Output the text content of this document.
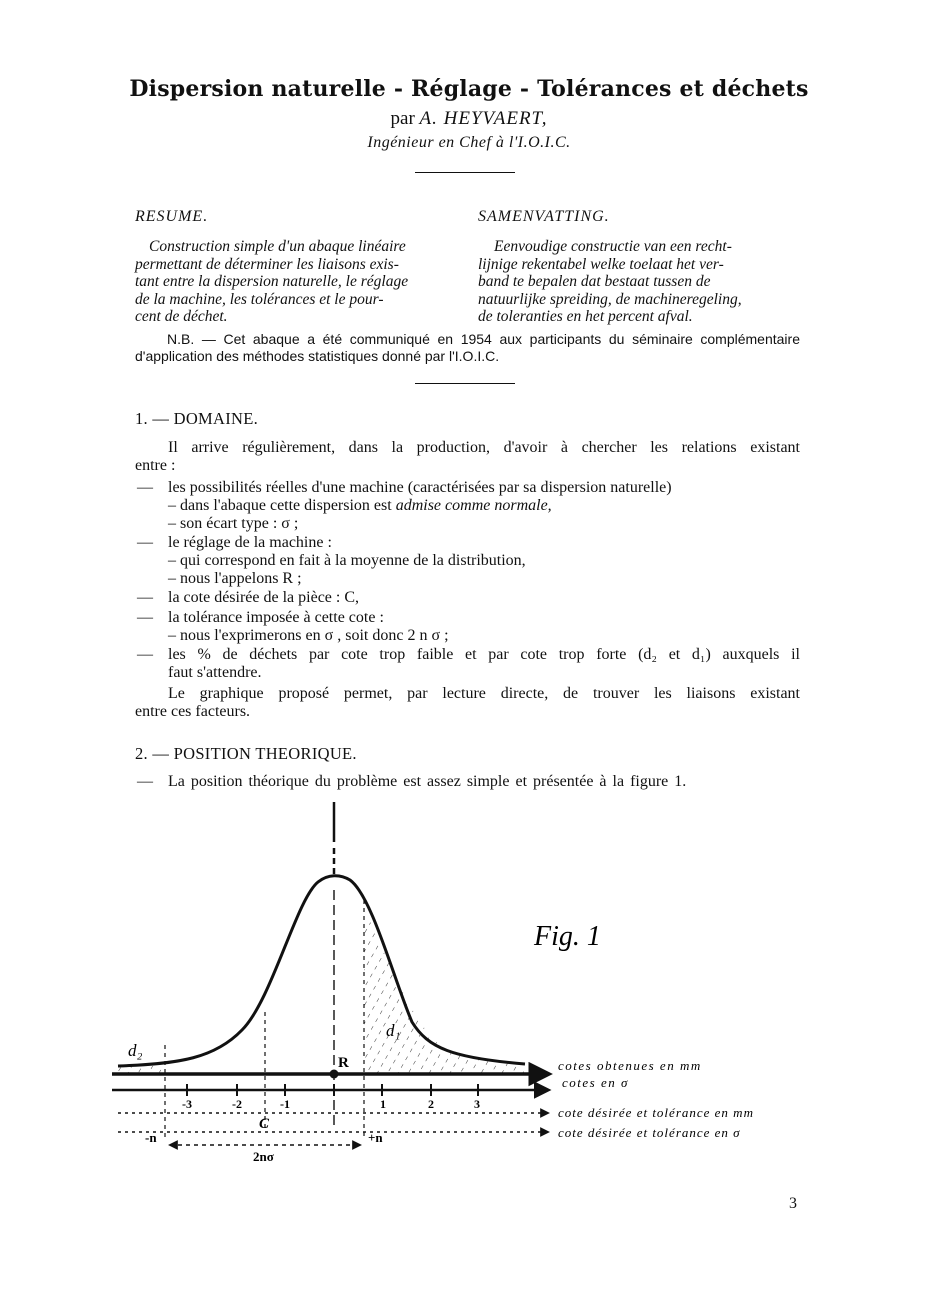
Dispersion naturelle - Réglage - Tolérances et déchets
par A. HEYVAERT,
Ingénieur en Chef à l'I.O.I.C.
RESUME.	SAMENVATTING.
Construction simple d'un abaque linéaire
permettant de déterminer les liaisons exis-
tant entre la dispersion naturelle, le réglage
de la machine, les tolérances et le pour-
cent de déchet.
Eenvoudige constructie van een recht-
lijnige rekentabel welke toelaat het ver-
band te bepalen dat bestaat tussen de
natuurlijke spreiding, de machineregeling,
de toleranties en het percent afval.
N.B. — Cet abaque a été communiqué en 1954 aux participants du séminaire complémentaire d'application des méthodes statistiques donné par l'I.O.I.C.
1. — DOMAINE.
Il arrive régulièrement, dans la production, d'avoir à chercher les relations existant
entre :
— les possibilités réelles d'une machine (caractérisées par sa dispersion naturelle)
– dans l'abaque cette dispersion est admise comme normale,
– son écart type : σ ;
— le réglage de la machine :
– qui correspond en fait à la moyenne de la distribution,
– nous l'appelons R ;
— la cote désirée de la pièce : C,
— la tolérance imposée à cette cote :
– nous l'exprimerons en σ , soit donc 2 n σ ;
— les % de déchets par cote trop faible et par cote trop forte (d₂ et d₁) auxquels il
faut s'attendre.
Le graphique proposé permet, par lecture directe, de trouver les liaisons existant
entre ces facteurs.
2. — POSITION THEORIQUE.
— La position théorique du problème est assez simple et présentée à la figure 1.
Fig. 1
d₁
d₂
R
C
-3	-2	-1	1	2	3
-n	+n
2nσ
cotes obtenues en mm
cotes en σ
cote désirée et tolérance en mm
cote désirée et tolérance en σ
3
